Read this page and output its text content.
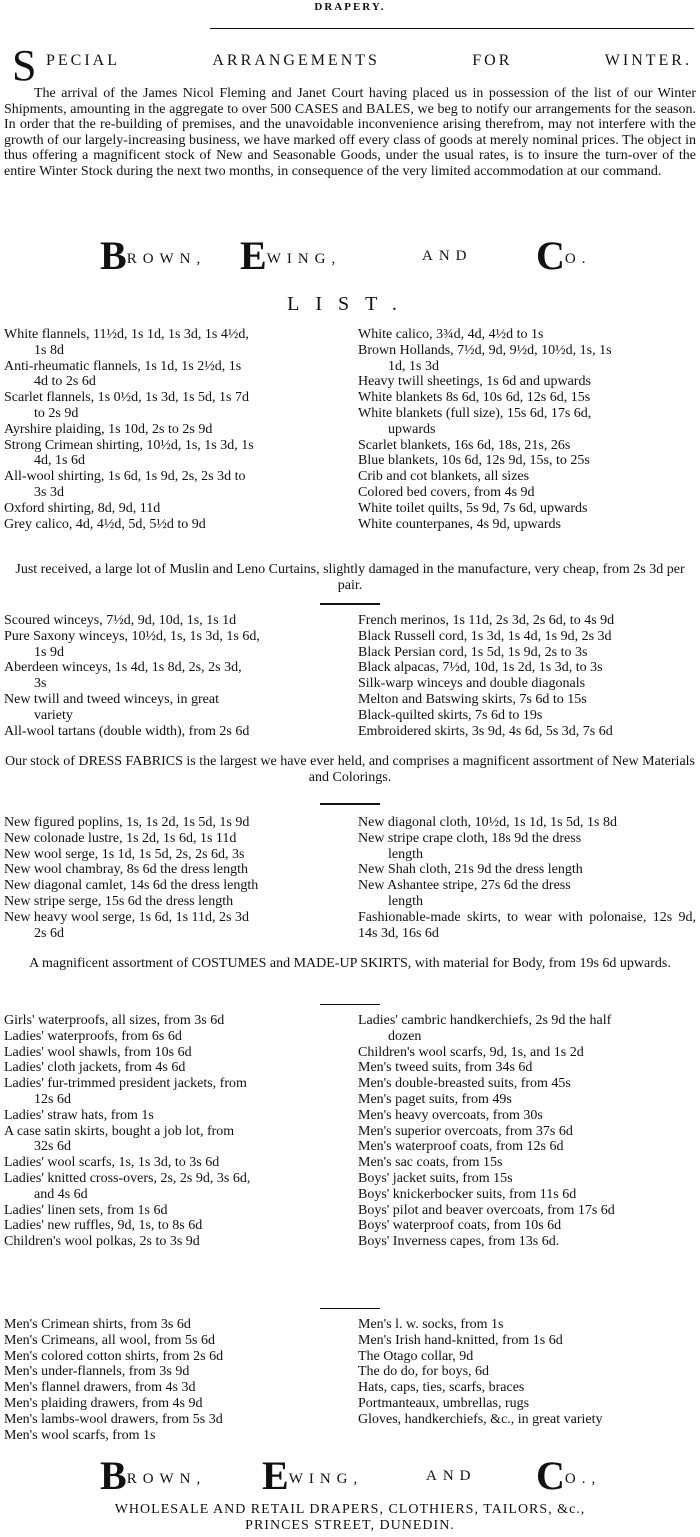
DRAPERY.
S PECIAL	ARRANGEMENTS	FOR	WINTER.
The arrival of the James Nicol Fleming and Janet Court having placed us in possession of the list of our Winter Shipments, amounting in the aggregate to over 500 CASES and BALES, we beg to notify our arrangements for the season. In order that the re-building of premises, and the unavoidable inconvenience arising therefrom, may not interfere with the growth of our largely-increasing business, we have marked off every class of goods at merely nominal prices. The object in thus offering a magnificent stock of New and Seasonable Goods, under the usual rates, is to insure the turn-over of the entire Winter Stock during the next two months, in consequence of the very limited accommodation at our command.
BROWN, EWING,	AND CO.
LIST.
White flannels, 11½d, 1s 1d, 1s 3d, 1s 4½d,
1s 8d
Anti-rheumatic flannels, 1s 1d, 1s 2½d, 1s
4d to 2s 6d
Scarlet flannels, 1s 0½d, 1s 3d, 1s 5d, 1s 7d
to 2s 9d
Ayrshire plaiding, 1s 10d, 2s to 2s 9d
Strong Crimean shirting, 10½d, 1s, 1s 3d, 1s
4d, 1s 6d
All-wool shirting, 1s 6d, 1s 9d, 2s, 2s 3d to
3s 3d
Oxford shirting, 8d, 9d, 11d
Grey calico, 4d, 4½d, 5d, 5½d to 9d
White calico, 3¾d, 4d, 4½d to 1s
Brown Hollands, 7½d, 9d, 9½d, 10½d, 1s, 1s
1d, 1s 3d
Heavy twill sheetings, 1s 6d and upwards
White blankets 8s 6d, 10s 6d, 12s 6d, 15s
White blankets (full size), 15s 6d, 17s 6d,
upwards
Scarlet blankets, 16s 6d, 18s, 21s, 26s
Blue blankets, 10s 6d, 12s 9d, 15s, to 25s
Crib and cot blankets, all sizes
Colored bed covers, from 4s 9d
White toilet quilts, 5s 9d, 7s 6d, upwards
White counterpanes, 4s 9d, upwards
Just received, a large lot of Muslin and Leno Curtains, slightly damaged in the manufacture, very cheap, from 2s 3d per pair.
Scoured winceys, 7½d, 9d, 10d, 1s, 1s 1d
Pure Saxony winceys, 10½d, 1s, 1s 3d, 1s 6d,
1s 9d
Aberdeen winceys, 1s 4d, 1s 8d, 2s, 2s 3d,
3s
New twill and tweed winceys, in great
variety
All-wool tartans (double width), from 2s 6d
French merinos, 1s 11d, 2s 3d, 2s 6d, to 4s 9d
Black Russell cord, 1s 3d, 1s 4d, 1s 9d, 2s 3d
Black Persian cord, 1s 5d, 1s 9d, 2s to 3s
Black alpacas, 7½d, 10d, 1s 2d, 1s 3d, to 3s
Silk-warp winceys and double diagonals
Melton and Batswing skirts, 7s 6d to 15s
Black-quilted skirts, 7s 6d to 19s
Embroidered skirts, 3s 9d, 4s 6d, 5s 3d, 7s 6d
Our stock of DRESS FABRICS is the largest we have ever held, and comprises a magnificent assortment of New Materials and Colorings.
New figured poplins, 1s, 1s 2d, 1s 5d, 1s 9d
New colonade lustre, 1s 2d, 1s 6d, 1s 11d
New wool serge, 1s 1d, 1s 5d, 2s, 2s 6d, 3s
New wool chambray, 8s 6d the dress length
New diagonal camlet, 14s 6d the dress length
New stripe serge, 15s 6d the dress length
New heavy wool serge, 1s 6d, 1s 11d, 2s 3d
2s 6d
New diagonal cloth, 10½d, 1s 1d, 1s 5d, 1s 8d
New stripe crape cloth, 18s 9d the dress
length
New Shah cloth, 21s 9d the dress length
New Ashantee stripe, 27s 6d the dress
length
Fashionable-made skirts, to wear with polonaise, 12s 9d, 14s 3d, 16s 6d
A magnificent assortment of COSTUMES and MADE-UP SKIRTS, with material for Body, from 19s 6d upwards.
Girls' waterproofs, all sizes, from 3s 6d
Ladies' waterproofs, from 6s 6d
Ladies' wool shawls, from 10s 6d
Ladies' cloth jackets, from 4s 6d
Ladies' fur-trimmed president jackets, from
12s 6d
Ladies' straw hats, from 1s
A case satin skirts, bought a job lot, from
32s 6d
Ladies' wool scarfs, 1s, 1s 3d, to 3s 6d
Ladies' knitted cross-overs, 2s, 2s 9d, 3s 6d,
and 4s 6d
Ladies' linen sets, from 1s 6d
Ladies' new ruffles, 9d, 1s, to 8s 6d
Children's wool polkas, 2s to 3s 9d
Ladies' cambric handkerchiefs, 2s 9d the half
dozen
Children's wool scarfs, 9d, 1s, and 1s 2d
Men's tweed suits, from 34s 6d
Men's double-breasted suits, from 45s
Men's paget suits, from 49s
Men's heavy overcoats, from 30s
Men's superior overcoats, from 37s 6d
Men's waterproof coats, from 12s 6d
Men's sac coats, from 15s
Boys' jacket suits, from 15s
Boys' knickerbocker suits, from 11s 6d
Boys' pilot and beaver overcoats, from 17s 6d
Boys' waterproof coats, from 10s 6d
Boys' Inverness capes, from 13s 6d.
Men's Crimean shirts, from 3s 6d
Men's Crimeans, all wool, from 5s 6d
Men's colored cotton shirts, from 2s 6d
Men's under-flannels, from 3s 9d
Men's flannel drawers, from 4s 3d
Men's plaiding drawers, from 4s 9d
Men's lambs-wool drawers, from 5s 3d
Men's wool scarfs, from 1s
Men's l. w. socks, from 1s
Men's Irish hand-knitted, from 1s 6d
The Otago collar, 9d
The do do, for boys, 6d
Hats, caps, ties, scarfs, braces
Portmanteaux, umbrellas, rugs
Gloves, handkerchiefs, &c., in great variety
BROWN, EWING,	AND CO.,
WHOLESALE AND RETAIL DRAPERS, CLOTHIERS, TAILORS, &c.,
PRINCES STREET, DUNEDIN.
